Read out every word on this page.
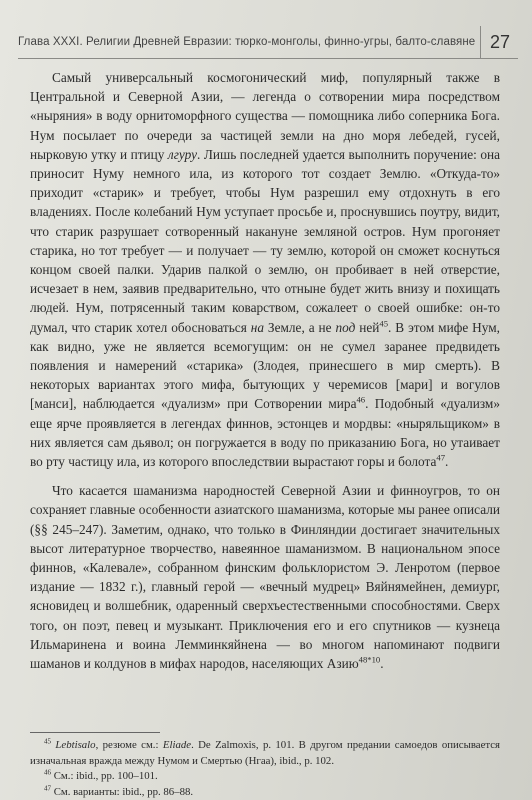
Глава XXXI. Религии Древней Евразии: тюрко-монголы, финно-угры, балто-славяне 27

Самый универсальный космогонический миф, популярный также в Центральной и Северной Азии, — легенда о сотворении мира посредством «ныряния» в воду орнитоморфного существа — помощника либо соперника Бога. Нум посылает по очереди за частицей земли на дно моря лебедей, гусей, нырковую утку и птицу лгуру. Лишь последней удается выполнить поручение: она приносит Нуму немного ила, из которого тот создает Землю. «Откуда-то» приходит «старик» и требует, чтобы Нум разрешил ему отдохнуть в его владениях. После колебаний Нум уступает просьбе и, проснувшись поутру, видит, что старик разрушает сотворенный накануне земляной остров. Нум прогоняет старика, но тот требует — и получает — ту землю, которой он сможет коснуться концом своей палки. Ударив палкой о землю, он пробивает в ней отверстие, исчезает в нем, заявив предварительно, что отныне будет жить внизу и похищать людей. Нум, потрясенный таким коварством, сожалеет о своей ошибке: он-то думал, что старик хотел обосноваться на Земле, а не под ней$^{45}$. В этом мифе Нум, как видно, уже не является всемогущим: он не сумел заранее предвидеть появления и намерений «старика» (Злодея, принесшего в мир смерть). В некоторых вариантах этого мифа, бытующих у черемисов [мари] и вогулов [манси], наблюдается «дуализм» при Сотворении мира$^{46}$. Подобный «дуализм» еще ярче проявляется в легендах финнов, эстонцев и мордвы: «ныряльщиком» в них является сам дьявол; он погружается в воду по приказанию Бога, но утаивает во рту частицу ила, из которого впоследствии вырастают горы и болота$^{47}$.

Что касается шаманизма народностей Северной Азии и финноугров, то он сохраняет главные особенности азиатского шаманизма, которые мы ранее описали (§§ 245–247). Заметим, однако, что только в Финляндии достигает значительных высот литературное творчество, навеянное шаманизмом. В национальном эпосе финнов, «Калевале», собранном финским фольклористом Э. Ленротом (первое издание — 1832 г.), главный герой — «вечный мудрец» Вяйнямейнен, демиург, ясновидец и волшебник, одаренный сверхъестественными способностями. Сверх того, он поэт, певец и музыкант. Приключения его и его спутников — кузнеца Ильмаринена и воина Лемминкяйнена — во многом напоминают подвиги шаманов и колдунов в мифах народов, населяющих Азию$^{48*10}$.

$^{45}$ Lebtisalo, резюме см.: Eliade. De Zalmoxis, p. 101. В другом предании самоедов описывается изначальная вражда между Нумом и Смертью (Нгаа), ibid., p. 102.
$^{46}$ См.: ibid., pp. 100–101.
$^{47}$ См. варианты: ibid., pp. 86–88.
